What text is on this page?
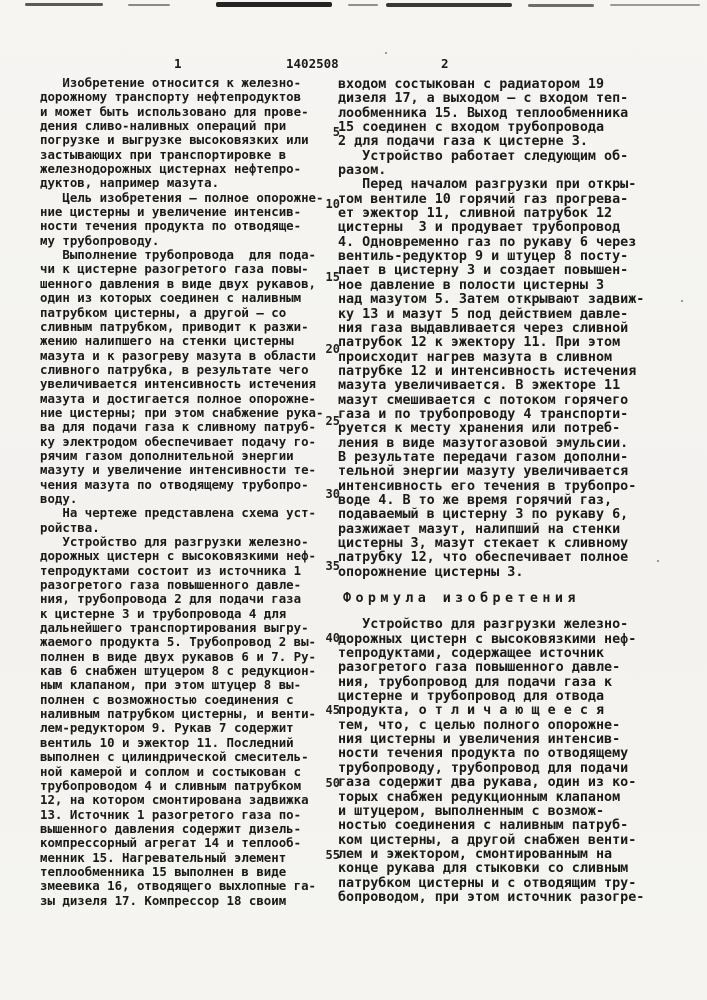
1	1402508	2
5
10
15
20
25
30
35
40
45
50
55
Изобретение относится к железно-
дорожному транспорту нефтепродуктов
и может быть использовано для прове-
дения сливо-наливных операций при
погрузке и выгрузке высоковязких или
застывающих при транспортировке в
железнодорожных цистернах нефтепро-
дуктов, например мазута.
Цель изобретения – полное опорожне-
ние цистерны и увеличение интенсив-
ности течения продукта по отводяще-
му трубопроводу.
Выполнение трубопровода  для пода-
чи к цистерне разогретого газа повы-
шенного давления в виде двух рукавов,
один из которых соединен с наливным
патрубком цистерны, а другой – со
сливным патрубком, приводит к разжи-
жению налипшего на стенки цистерны
мазута и к разогреву мазута в области
сливного патрубка, в результате чего
увеличивается интенсивность истечения
мазута и достигается полное опорожне-
ние цистерны; при этом снабжение рука-
ва для подачи газа к сливному патруб-
ку электродом обеспечивает подачу го-
рячим газом дополнительной энергии
мазуту и увеличение интенсивности те-
чения мазута по отводящему трубопро-
воду.
На чертеже представлена схема уст-
ройства.
Устройство для разгрузки железно-
дорожных цистерн с высоковязкими неф-
тепродуктами состоит из источника 1
разогретого газа повышенного давле-
ния, трубопровода 2 для подачи газа
к цистерне 3 и трубопровода 4 для
дальнейшего транспортирования выгру-
жаемого продукта 5. Трубопровод 2 вы-
полнен в виде двух рукавов 6 и 7. Ру-
кав 6 снабжен штуцером 8 с редукцион-
ным клапаном, при этом штуцер 8 вы-
полнен с возможностью соединения с
наливным патрубком цистерны, и венти-
лем-редуктором 9. Рукав 7 содержит
вентиль 10 и эжектор 11. Последний
выполнен с цилиндрической смеситель-
ной камерой и соплом и состыкован с
трубопроводом 4 и сливным патрубком
12, на котором смонтирована задвижка
13. Источник 1 разогретого газа по-
вышенного давления содержит дизель-
компрессорный агрегат 14 и теплооб-
менник 15. Нагревательный элемент
теплообменника 15 выполнен в виде
змеевика 16, отводящего выхлопные га-
зы дизеля 17. Компрессор 18 своим
входом состыкован с радиатором 19
дизеля 17, а выходом – с входом теп-
лообменника 15. Выход теплообменника
15 соединен с входом трубопровода
2 для подачи газа к цистерне 3.
Устройство работает следующим об-
разом.
Перед началом разгрузки при откры-
том вентиле 10 горячий газ прогрева-
ет эжектор 11, сливной патрубок 12
цистерны  3 и продувает трубопровод
4. Одновременно газ по рукаву 6 через
вентиль-редуктор 9 и штуцер 8 посту-
пает в цистерну 3 и создает повышен-
ное давление в полости цистерны 3
над мазутом 5. Затем открывают задвиж-
ку 13 и мазут 5 под действием давле-
ния газа выдавливается через сливной
патрубок 12 к эжектору 11. При этом
происходит нагрев мазута в сливном
патрубке 12 и интенсивность истечения
мазута увеличивается. В эжекторе 11
мазут смешивается с потоком горячего
газа и по трубопроводу 4 транспорти-
руется к месту хранения или потреб-
ления в виде мазутогазовой эмульсии.
В результате передачи газом дополни-
тельной энергии мазуту увеличивается
интенсивность его течения в трубопро-
воде 4. В то же время горячий газ,
подаваемый в цистерну 3 по рукаву 6,
разжижает мазут, налипший на стенки
цистерны 3, мазут стекает к сливному
патрубку 12, что обеспечивает полное
опорожнение цистерны 3.
Формула изобретения
Устройство для разгрузки железно-
дорожных цистерн с высоковязкими неф-
тепродуктами, содержащее источник
разогретого газа повышенного давле-
ния, трубопровод для подачи газа к
цистерне и трубопровод для отвода
продукта, о т л и ч а ю щ е е с я
тем, что, с целью полного опорожне-
ния цистерны и увеличения интенсив-
ности течения продукта по отводящему
трубопроводу, трубопровод для подачи
газа содержит два рукава, один из ко-
торых снабжен редукционным клапаном
и штуцером, выполненным с возмож-
ностью соединения с наливным патруб-
ком цистерны, а другой снабжен венти-
лем и эжектором, смонтированным на
конце рукава для стыковки со сливным
патрубком цистерны и с отводящим тру-
бопроводом, при этом источник разогре-
